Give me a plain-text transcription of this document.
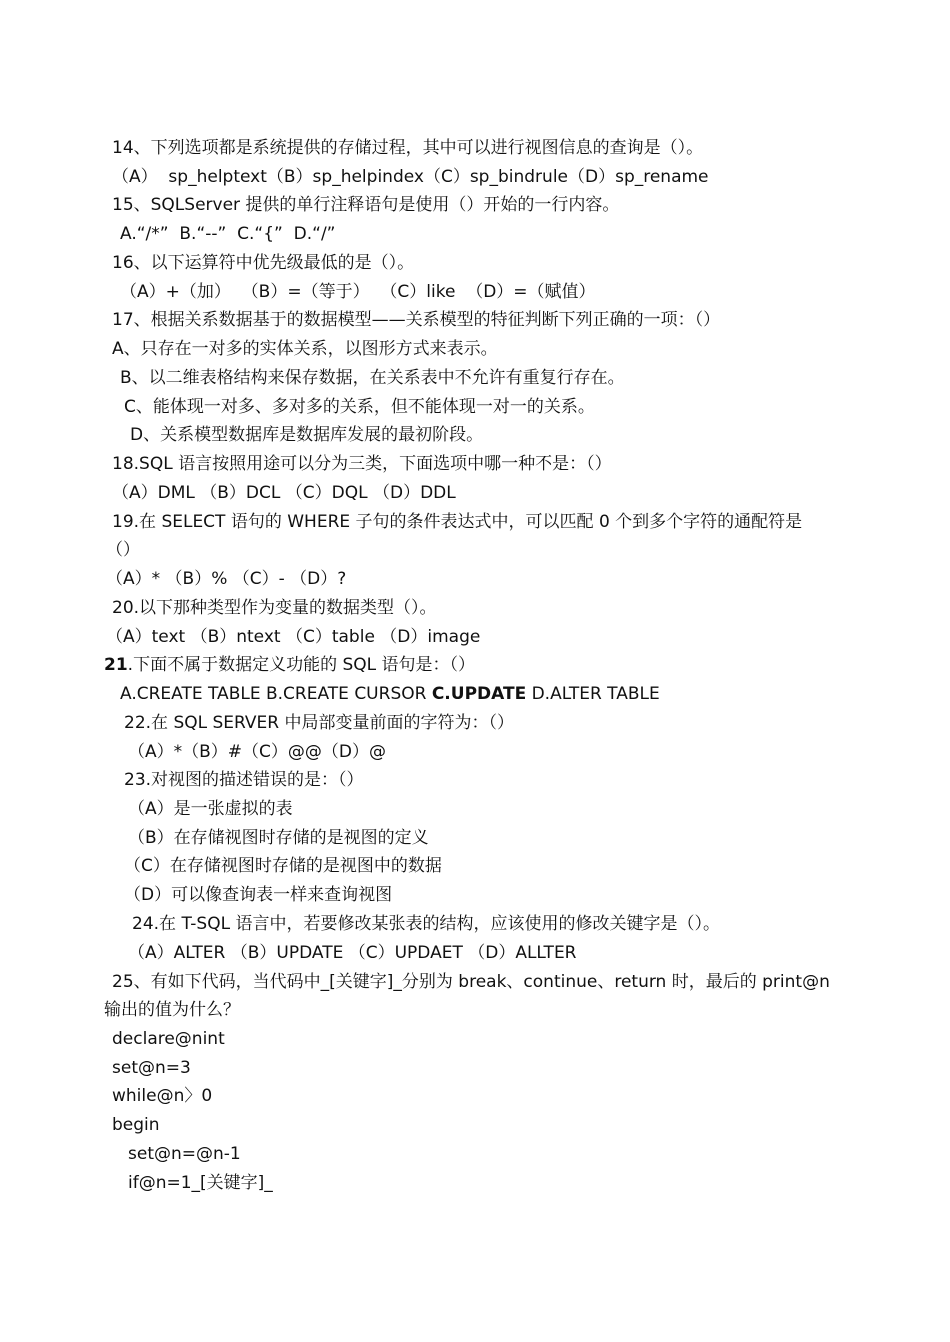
14、下列选项都是系统提供的存储过程，其中可以进行视图信息的查询是（）。
（A）  sp_helptext（B）sp_helpindex（C）sp_bindrule（D）sp_rename
15、SQLServer 提供的单行注释语句是使用（）开始的一行内容。
A.“/*”  B.“--”  C.“{”  D.“/”
16、以下运算符中优先级最低的是（）。
（A）+（加）  （B）=（等于）  （C）like  （D）=（赋值）
17、根据关系数据基于的数据模型——关系模型的特征判断下列正确的一项：（）
A、只存在一对多的实体关系，以图形方式来表示。
B、以二维表格结构来保存数据，在关系表中不允许有重复行存在。
C、能体现一对多、多对多的关系，但不能体现一对一的关系。
D、关系模型数据库是数据库发展的最初阶段。
18.SQL 语言按照用途可以分为三类，下面选项中哪一种不是：（）
（A）DML （B）DCL （C）DQL （D）DDL
19.在 SELECT 语句的 WHERE 子句的条件表达式中，可以匹配 0 个到多个字符的通配符是
（）
（A）* （B）% （C）- （D）?
20.以下那种类型作为变量的数据类型（）。
（A）text （B）ntext （C）table （D）image
21.下面不属于数据定义功能的 SQL 语句是：（）
A.CREATE TABLE B.CREATE CURSOR C.UPDATE D.ALTER TABLE
22.在 SQL SERVER 中局部变量前面的字符为：（）
（A）*（B）#（C）@@（D）@
23.对视图的描述错误的是：（）
（A）是一张虚拟的表
（B）在存储视图时存储的是视图的定义
（C）在存储视图时存储的是视图中的数据
（D）可以像查询表一样来查询视图
24.在 T-SQL 语言中，若要修改某张表的结构，应该使用的修改关键字是（）。
（A）ALTER （B）UPDATE （C）UPDAET （D）ALLTER
25、有如下代码，当代码中_[关键字]_分别为 break、continue、return 时，最后的 print@n
输出的值为什么？
declare@nint
set@n=3
while@n〉0
begin
set@n=@n-1
if@n=1_[关键字]_
